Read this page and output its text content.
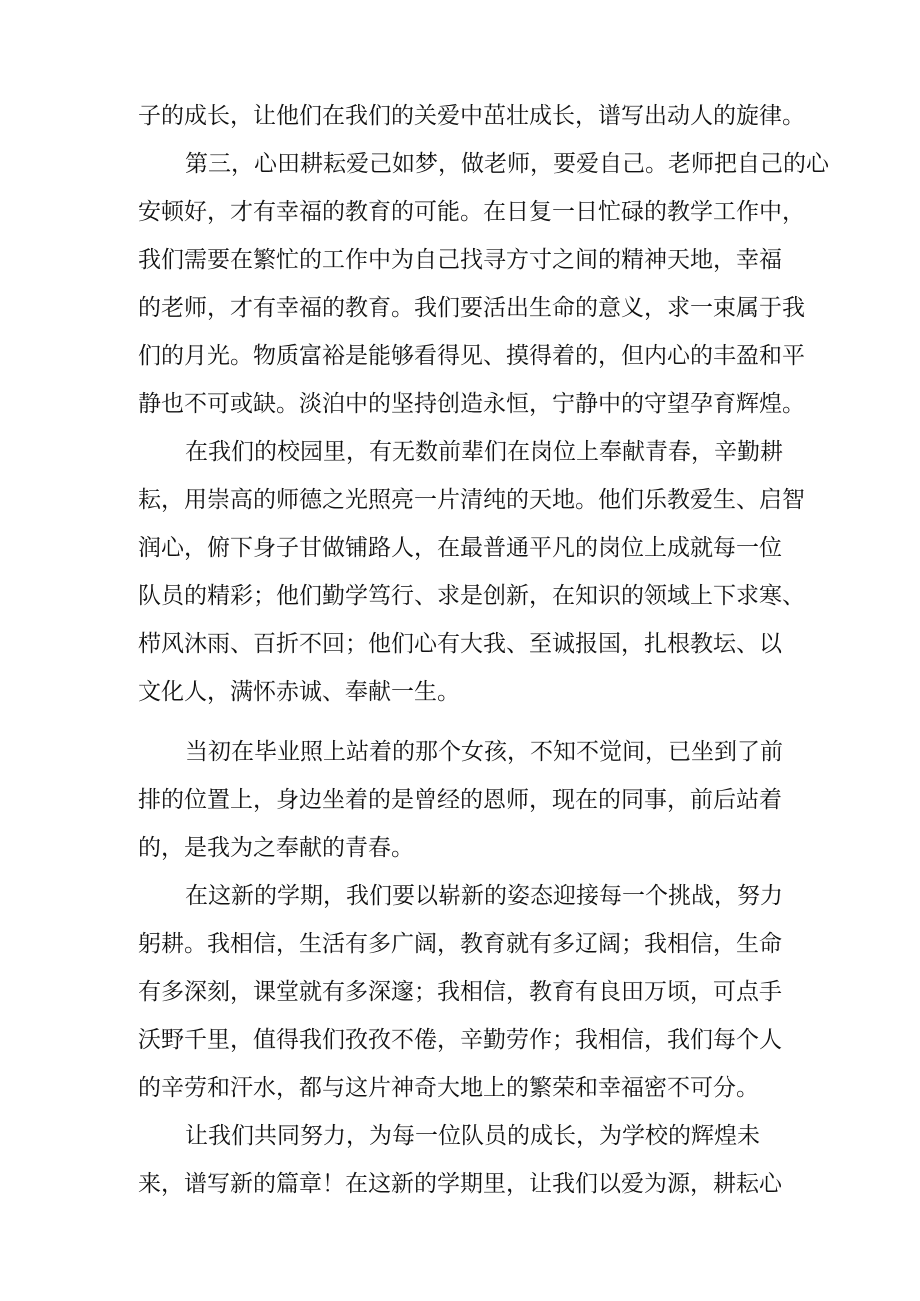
子的成长，让他们在我们的关爱中茁壮成长，谱写出动人的旋律。
第三，心田耕耘爱己如梦，做老师，要爱自己。老师把自己的心
安顿好，才有幸福的教育的可能。在日复一日忙碌的教学工作中，
我们需要在繁忙的工作中为自己找寻方寸之间的精神天地，幸福
的老师，才有幸福的教育。我们要活出生命的意义，求一束属于我
们的月光。物质富裕是能够看得见、摸得着的，但内心的丰盈和平
静也不可或缺。淡泊中的坚持创造永恒，宁静中的守望孕育辉煌。
在我们的校园里，有无数前辈们在岗位上奉献青春，辛勤耕
耘，用崇高的师德之光照亮一片清纯的天地。他们乐教爱生、启智
润心，俯下身子甘做铺路人，在最普通平凡的岗位上成就每一位
队员的精彩；他们勤学笃行、求是创新，在知识的领域上下求寒、
栉风沐雨、百折不回；他们心有大我、至诚报国，扎根教坛、以
文化人，满怀赤诚、奉献一生。
当初在毕业照上站着的那个女孩，不知不觉间，已坐到了前
排的位置上，身边坐着的是曾经的恩师，现在的同事，前后站着
的，是我为之奉献的青春。
在这新的学期，我们要以崭新的姿态迎接每一个挑战，努力
躬耕。我相信，生活有多广阔，教育就有多辽阔；我相信，生命
有多深刻，课堂就有多深邃；我相信，教育有良田万顷，可点手
沃野千里，值得我们孜孜不倦，辛勤劳作；我相信，我们每个人
的辛劳和汗水，都与这片神奇大地上的繁荣和幸福密不可分。
让我们共同努力，为每一位队员的成长，为学校的辉煌未
来，谱写新的篇章！在这新的学期里，让我们以爱为源，耕耘心
